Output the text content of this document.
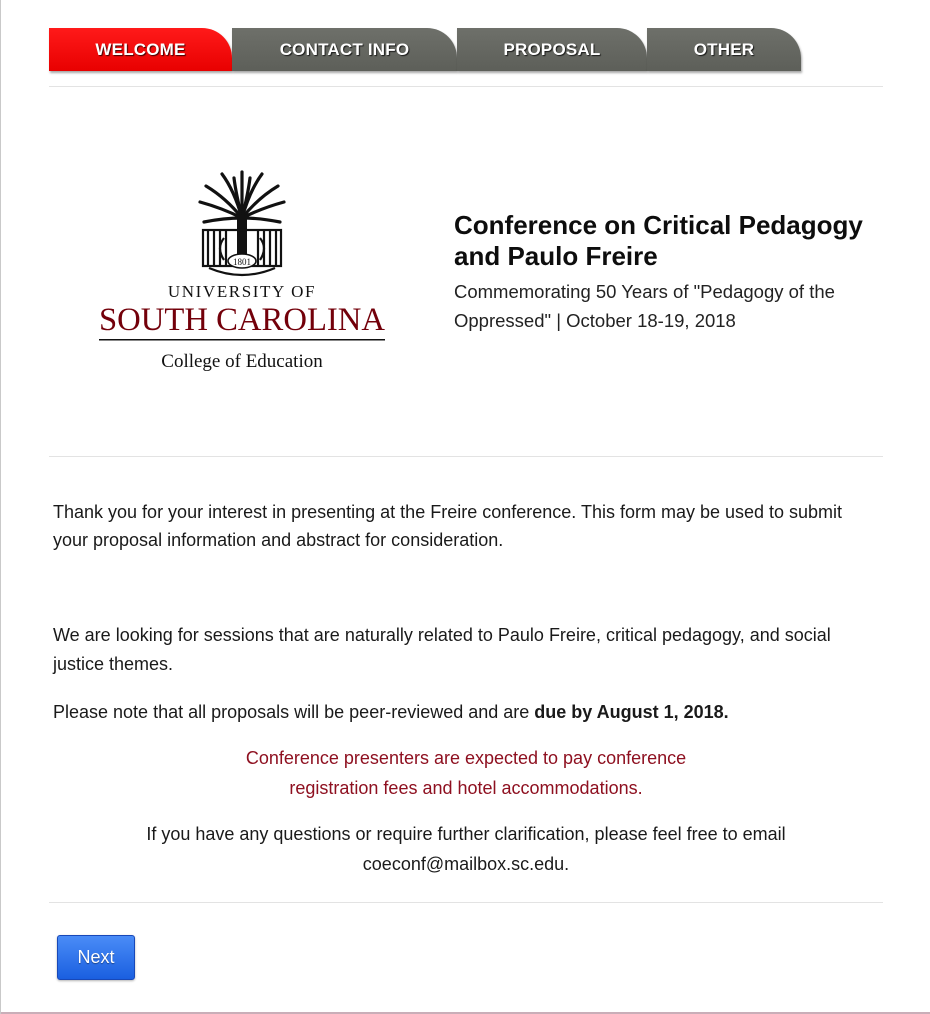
WELCOME	CONTACT INFO	PROPOSAL	OTHER
1801
UNIVERSITY OF
SOUTH CAROLINA
College of Education
Conference on Critical Pedagogy and Paulo Freire
Commemorating 50 Years of "Pedagogy of the Oppressed" | October 18-19, 2018
Thank you for your interest in presenting at the Freire conference. This form may be used to submit your proposal information and abstract for consideration.
We are looking for sessions that are naturally related to Paulo Freire, critical pedagogy, and social justice themes.
Please note that all proposals will be peer-reviewed and are due by August 1, 2018.
Conference presenters are expected to pay conference
registration fees and hotel accommodations.
If you have any questions or require further clarification, please feel free to email
coeconf@mailbox.sc.edu.
Next
